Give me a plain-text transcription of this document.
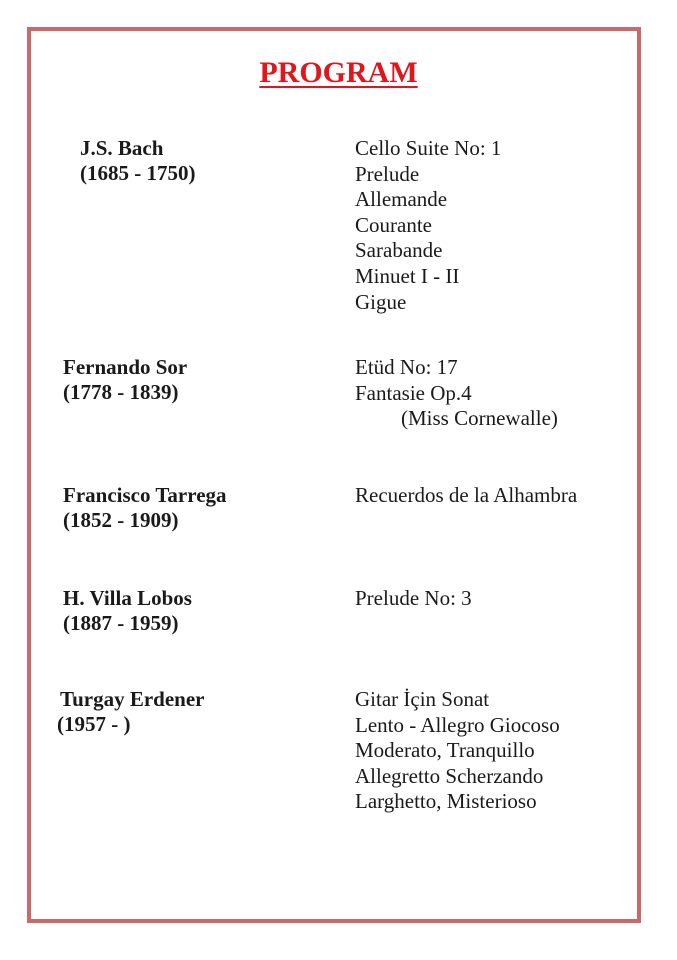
PROGRAM
J.S. Bach
(1685 - 1750)
Cello Suite No: 1
Prelude
Allemande
Courante
Sarabande
Minuet I - II
Gigue
Fernando Sor
(1778 - 1839)
Etüd No: 17
Fantasie Op.4
(Miss Cornewalle)
Francisco Tarrega
(1852 - 1909)
Recuerdos de la Alhambra
H. Villa Lobos
(1887 - 1959)
Prelude No: 3
Turgay Erdener
(1957 - )
Gitar İçin Sonat
Lento - Allegro Giocoso
Moderato, Tranquillo
Allegretto Scherzando
Larghetto, Misterioso
